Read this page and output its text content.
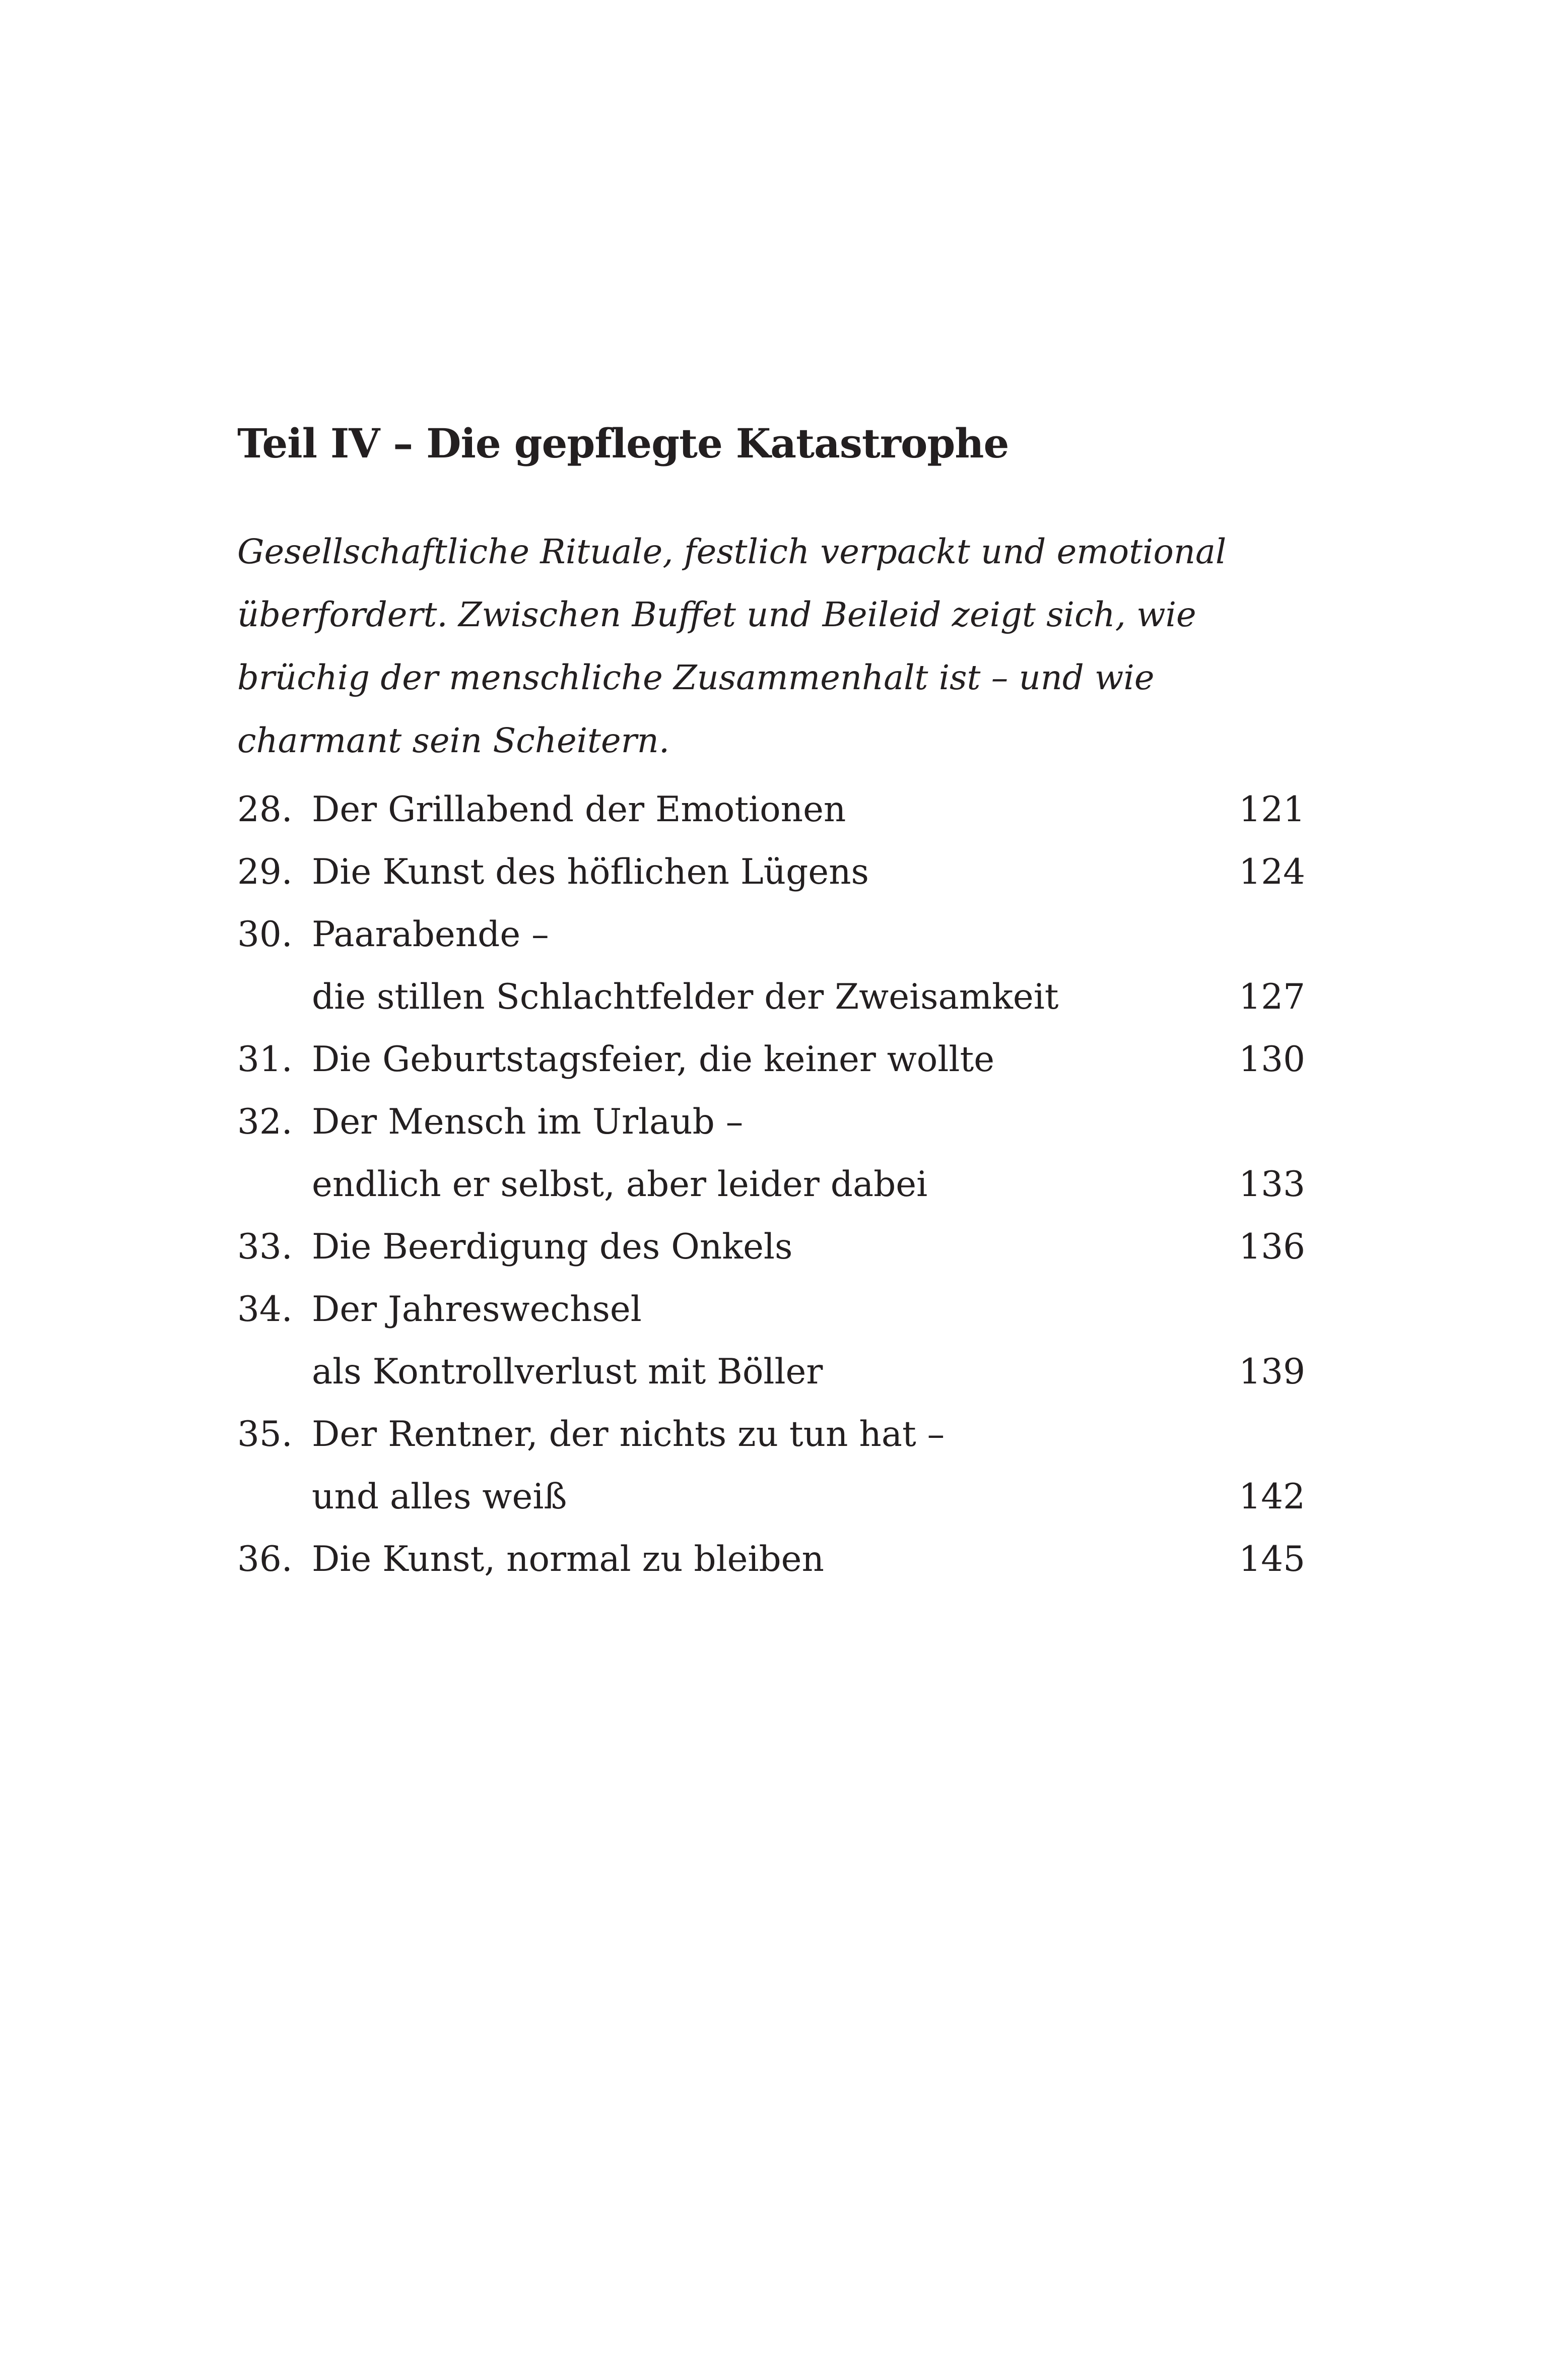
Teil IV – Die gepflegte Katastrophe

Gesellschaftliche Rituale, festlich verpackt und emotional
überfordert. Zwischen Buffet und Beileid zeigt sich, wie
brüchig der menschliche Zusammenhalt ist – und wie
charmant sein Scheitern.

28. Der Grillabend der Emotionen	121
29. Die Kunst des höflichen Lügens	124
30. Paarabende –
die stillen Schlachtfelder der Zweisamkeit	127
31. Die Geburtstagsfeier, die keiner wollte	130
32. Der Mensch im Urlaub –
endlich er selbst, aber leider dabei	133
33. Die Beerdigung des Onkels	136
34. Der Jahreswechsel
als Kontrollverlust mit Böller	139
35. Der Rentner, der nichts zu tun hat –
und alles weiß	142
36. Die Kunst, normal zu bleiben	145
